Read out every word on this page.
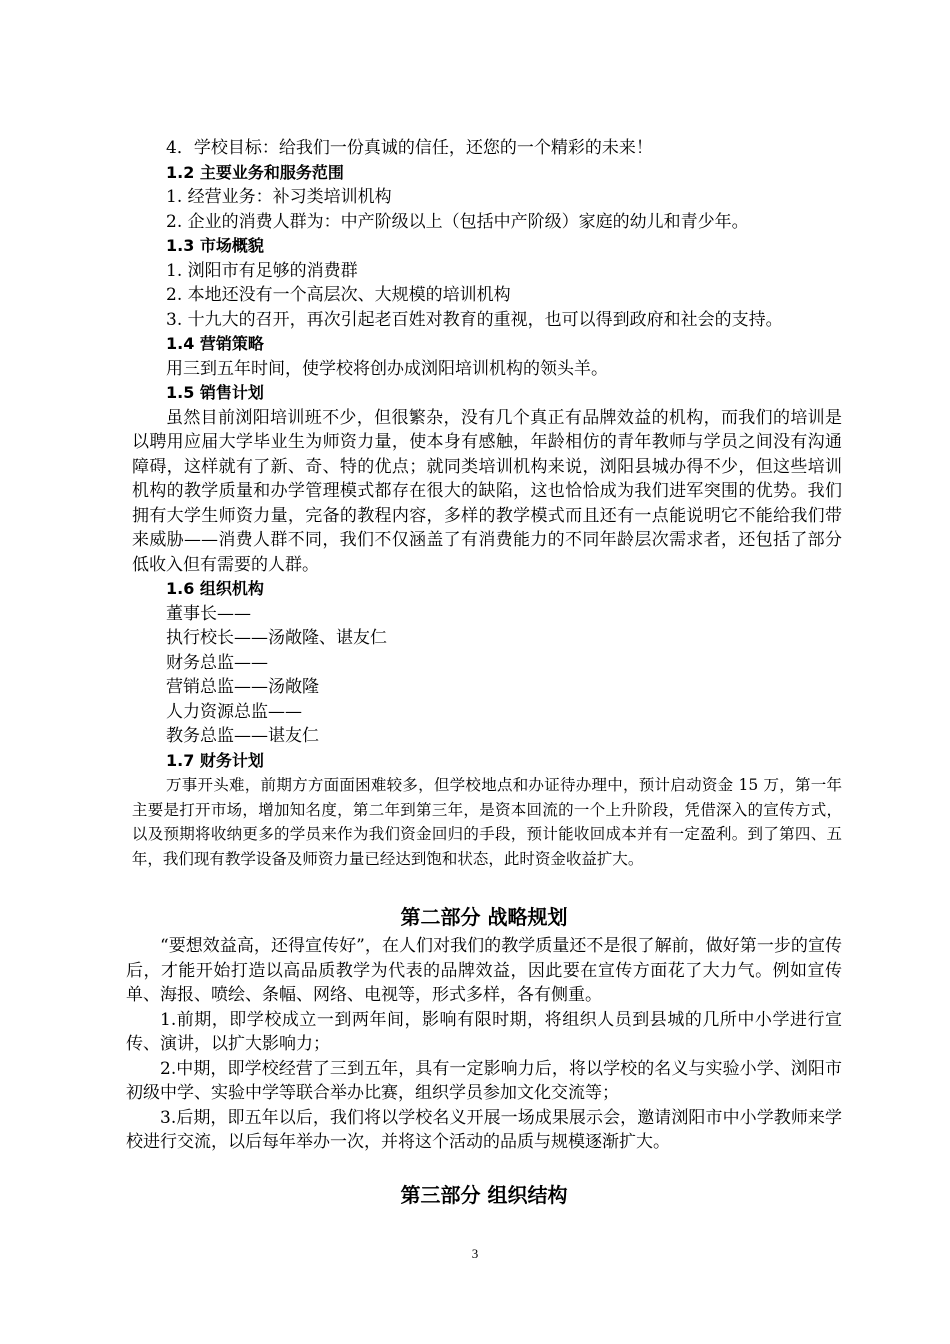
4．学校目标：给我们一份真诚的信任，还您的一个精彩的未来！

1.2 主要业务和服务范围

1. 经营业务：补习类培训机构

2. 企业的消费人群为：中产阶级以上（包括中产阶级）家庭的幼儿和青少年。

1.3 市场概貌

1. 浏阳市有足够的消费群

2. 本地还没有一个高层次、大规模的培训机构

3. 十九大的召开，再次引起老百姓对教育的重视，也可以得到政府和社会的支持。

1.4 营销策略

用三到五年时间，使学校将创办成浏阳培训机构的领头羊。

1.5 销售计划

虽然目前浏阳培训班不少，但很繁杂，没有几个真正有品牌效益的机构，而我们的培训是以聘用应届大学毕业生为师资力量，使本身有感触，年龄相仿的青年教师与学员之间没有沟通障碍，这样就有了新、奇、特的优点；就同类培训机构来说，浏阳县城办得不少，但这些培训机构的教学质量和办学管理模式都存在很大的缺陷，这也恰恰成为我们进军突围的优势。我们拥有大学生师资力量，完备的教程内容，多样的教学模式而且还有一点能说明它不能给我们带来威胁——消费人群不同，我们不仅涵盖了有消费能力的不同年龄层次需求者，还包括了部分低收入但有需要的人群。

1.6 组织机构

董事长——

执行校长——汤敞隆、谌友仁

财务总监——

营销总监——汤敞隆

人力资源总监——

教务总监——谌友仁

1.7 财务计划

万事开头难，前期方方面面困难较多，但学校地点和办证待办理中，预计启动资金 15 万，第一年主要是打开市场，增加知名度，第二年到第三年，是资本回流的一个上升阶段，凭借深入的宣传方式，以及预期将收纳更多的学员来作为我们资金回归的手段，预计能收回成本并有一定盈利。到了第四、五年，我们现有教学设备及师资力量已经达到饱和状态，此时资金收益扩大。

第二部分 战略规划

“要想效益高，还得宣传好”，在人们对我们的教学质量还不是很了解前，做好第一步的宣传后，才能开始打造以高品质教学为代表的品牌效益，因此要在宣传方面花了大力气。例如宣传单、海报、喷绘、条幅、网络、电视等，形式多样，各有侧重。

1.前期，即学校成立一到两年间，影响有限时期，将组织人员到县城的几所中小学进行宣传、演讲，以扩大影响力；

2.中期，即学校经营了三到五年，具有一定影响力后，将以学校的名义与实验小学、浏阳市初级中学、实验中学等联合举办比赛，组织学员参加文化交流等；

3.后期，即五年以后，我们将以学校名义开展一场成果展示会，邀请浏阳市中小学教师来学校进行交流，以后每年举办一次，并将这个活动的品质与规模逐渐扩大。

第三部分 组织结构

3
